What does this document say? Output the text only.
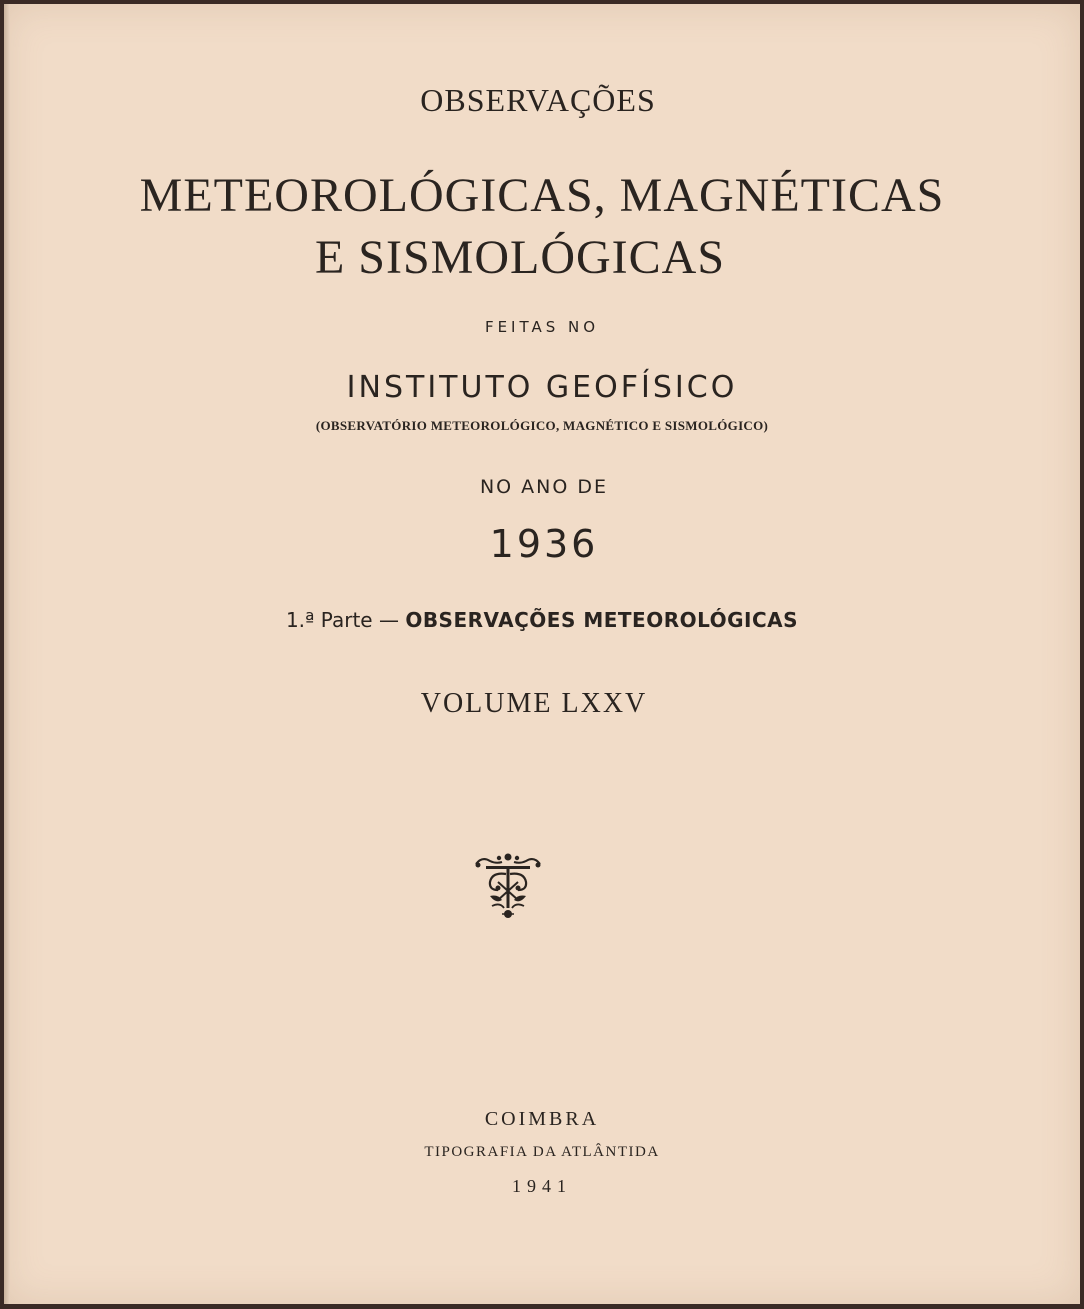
OBSERVAÇÕES
METEOROLÓGICAS, MAGNÉTICAS
E SISMOLÓGICAS
FEITAS NO
INSTITUTO GEOFÍSICO
(OBSERVATÓRIO METEOROLÓGICO, MAGNÉTICO E SISMOLÓGICO)
NO ANO DE
1936
1.ª Parte — OBSERVAÇÕES METEOROLÓGICAS
VOLUME LXXV
COIMBRA
TIPOGRAFIA DA ATLÂNTIDA
1941
